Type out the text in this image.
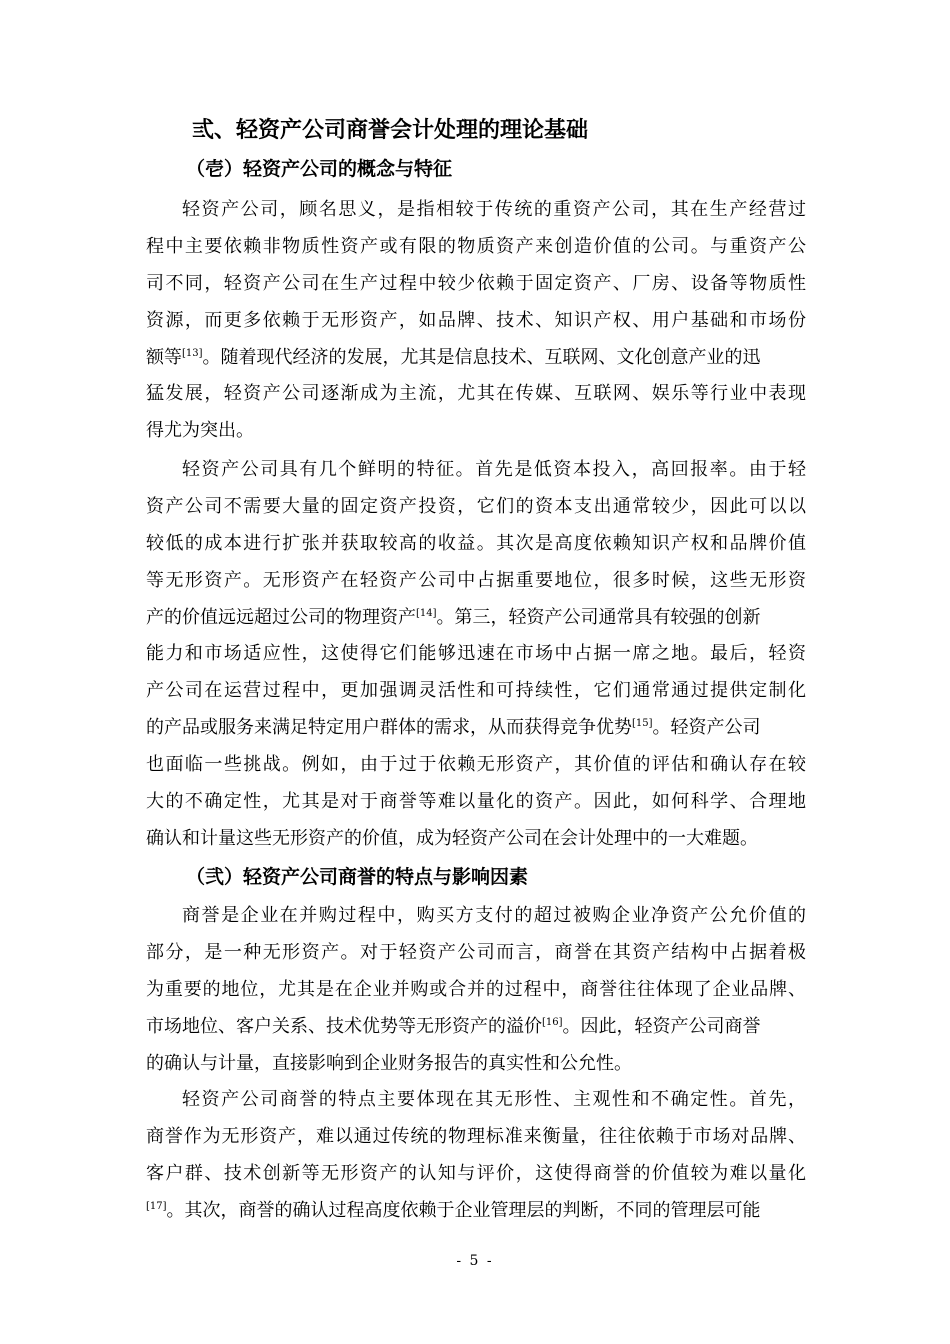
弎、轻资产公司商誉会计处理的理论基础
（壱）轻资产公司的概念与特征
轻资产公司，顾名思义，是指相较于传统的重资产公司，其在生产经营过
程中主要依赖非物质性资产或有限的物质资产来创造价值的公司。与重资产公
司不同，轻资产公司在生产过程中较少依赖于固定资产、厂房、设备等物质性
资源，而更多依赖于无形资产，如品牌、技术、知识产权、用户基础和市场份
额等[13]。随着现代经济的发展，尤其是信息技术、互联网、文化创意产业的迅
猛发展，轻资产公司逐渐成为主流，尤其在传媒、互联网、娱乐等行业中表现
得尤为突出。
轻资产公司具有几个鲜明的特征。首先是低资本投入，高回报率。由于轻
资产公司不需要大量的固定资产投资，它们的资本支出通常较少，因此可以以
较低的成本进行扩张并获取较高的收益。其次是高度依赖知识产权和品牌价值
等无形资产。无形资产在轻资产公司中占据重要地位，很多时候，这些无形资
产的价值远远超过公司的物理资产[14]。第三，轻资产公司通常具有较强的创新
能力和市场适应性，这使得它们能够迅速在市场中占据一席之地。最后，轻资
产公司在运营过程中，更加强调灵活性和可持续性，它们通常通过提供定制化
的产品或服务来满足特定用户群体的需求，从而获得竞争优势[15]。轻资产公司
也面临一些挑战。例如，由于过于依赖无形资产，其价值的评估和确认存在较
大的不确定性，尤其是对于商誉等难以量化的资产。因此，如何科学、合理地
确认和计量这些无形资产的价值，成为轻资产公司在会计处理中的一大难题。
（弐）轻资产公司商誉的特点与影响因素
商誉是企业在并购过程中，购买方支付的超过被购企业净资产公允价值的
部分，是一种无形资产。对于轻资产公司而言，商誉在其资产结构中占据着极
为重要的地位，尤其是在企业并购或合并的过程中，商誉往往体现了企业品牌、
市场地位、客户关系、技术优势等无形资产的溢价[16]。因此，轻资产公司商誉
的确认与计量，直接影响到企业财务报告的真实性和公允性。
轻资产公司商誉的特点主要体现在其无形性、主观性和不确定性。首先，
商誉作为无形资产，难以通过传统的物理标准来衡量，往往依赖于市场对品牌、
客户群、技术创新等无形资产的认知与评价，这使得商誉的价值较为难以量化
[17]。其次，商誉的确认过程高度依赖于企业管理层的判断，不同的管理层可能
- 5 -
